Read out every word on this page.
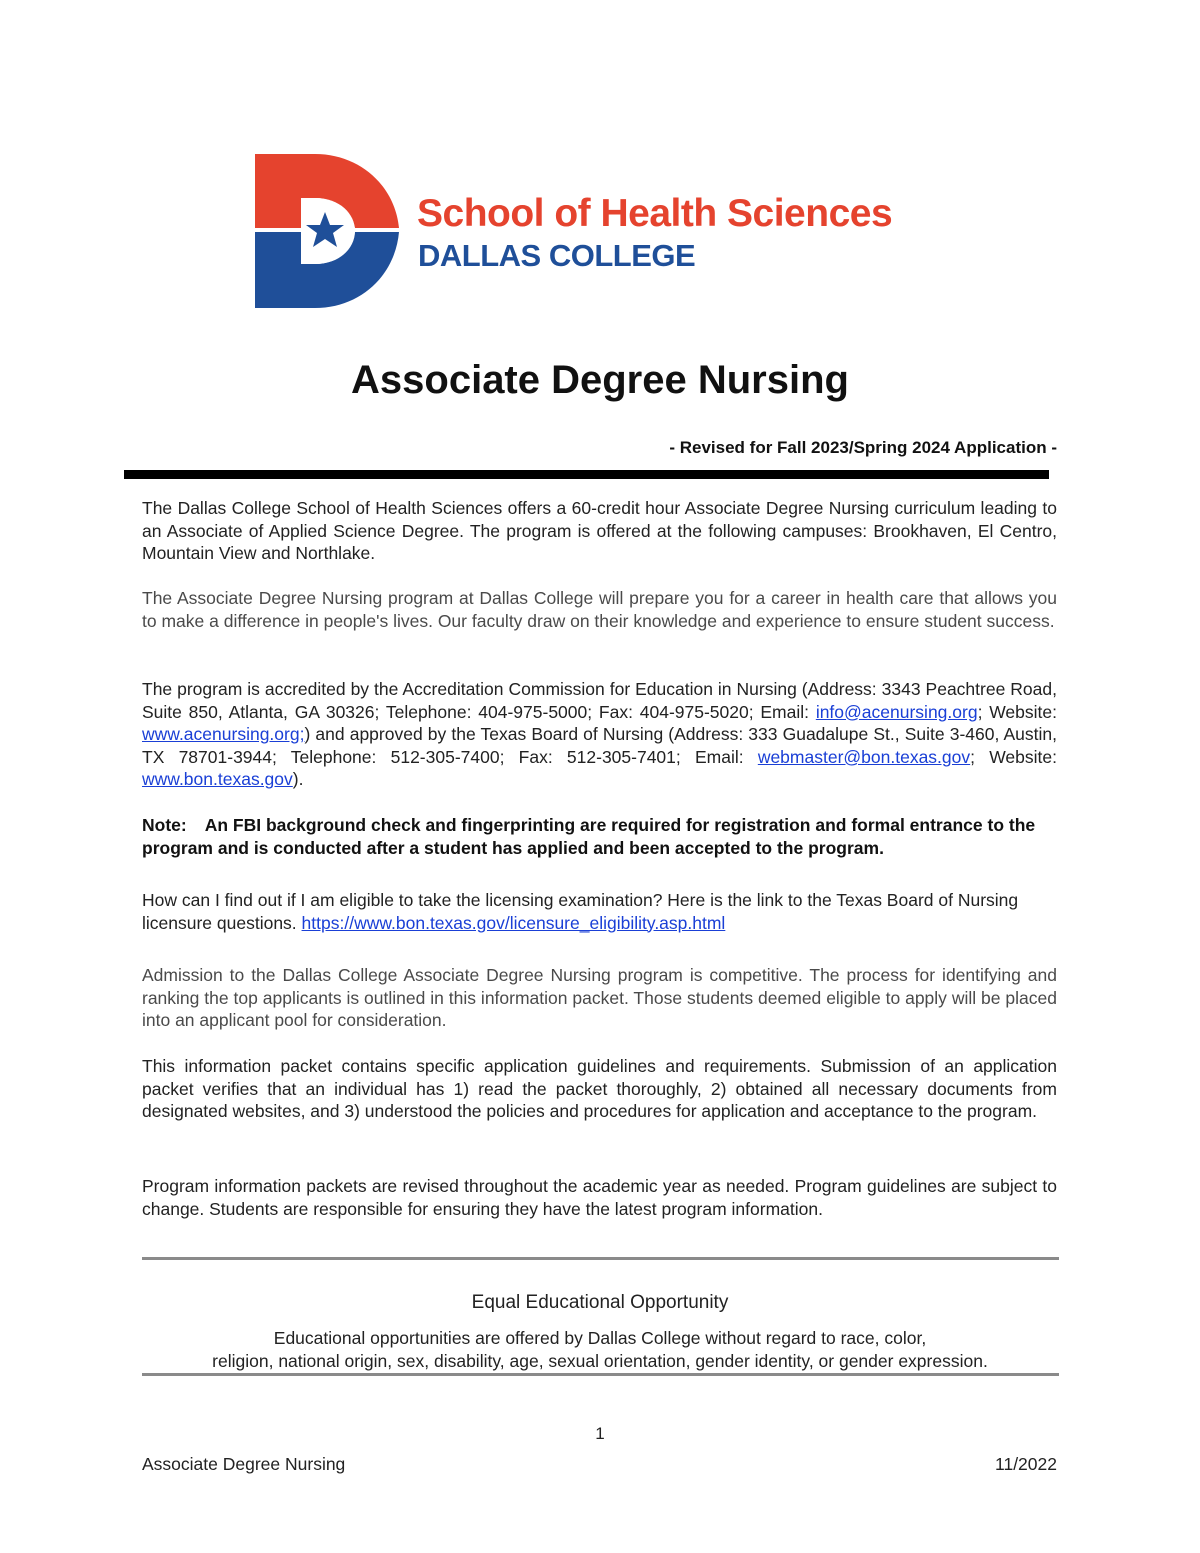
School of Health Sciences
DALLAS COLLEGE
Associate Degree Nursing
- Revised for Fall 2023/Spring 2024 Application -
The Dallas College School of Health Sciences offers a 60-credit hour Associate Degree Nursing curriculum leading to an Associate of Applied Science Degree. The program is offered at the following campuses: Brookhaven, El Centro, Mountain View and Northlake.
The Associate Degree Nursing program at Dallas College will prepare you for a career in health care that allows you to make a difference in people's lives. Our faculty draw on their knowledge and experience to ensure student success.
The program is accredited by the Accreditation Commission for Education in Nursing (Address: 3343 Peachtree Road, Suite 850, Atlanta, GA 30326; Telephone: 404-975-5000; Fax: 404-975-5020; Email: info@acenursing.org; Website: www.acenursing.org;) and approved by the Texas Board of Nursing (Address: 333 Guadalupe St., Suite 3-460, Austin, TX 78701-3944; Telephone: 512-305-7400; Fax: 512-305-7401; Email: webmaster@bon.texas.gov; Website: www.bon.texas.gov).
Note: An FBI background check and fingerprinting are required for registration and formal entrance to the program and is conducted after a student has applied and been accepted to the program.
How can I find out if I am eligible to take the licensing examination? Here is the link to the Texas Board of Nursing licensure questions. https://www.bon.texas.gov/licensure_eligibility.asp.html
Admission to the Dallas College Associate Degree Nursing program is competitive. The process for identifying and ranking the top applicants is outlined in this information packet. Those students deemed eligible to apply will be placed into an applicant pool for consideration.
This information packet contains specific application guidelines and requirements. Submission of an application packet verifies that an individual has 1) read the packet thoroughly, 2) obtained all necessary documents from designated websites, and 3) understood the policies and procedures for application and acceptance to the program.
Program information packets are revised throughout the academic year as needed. Program guidelines are subject to change. Students are responsible for ensuring they have the latest program information.
Equal Educational Opportunity
Educational opportunities are offered by Dallas College without regard to race, color,
religion, national origin, sex, disability, age, sexual orientation, gender identity, or gender expression.
1
Associate Degree Nursing	11/2022
